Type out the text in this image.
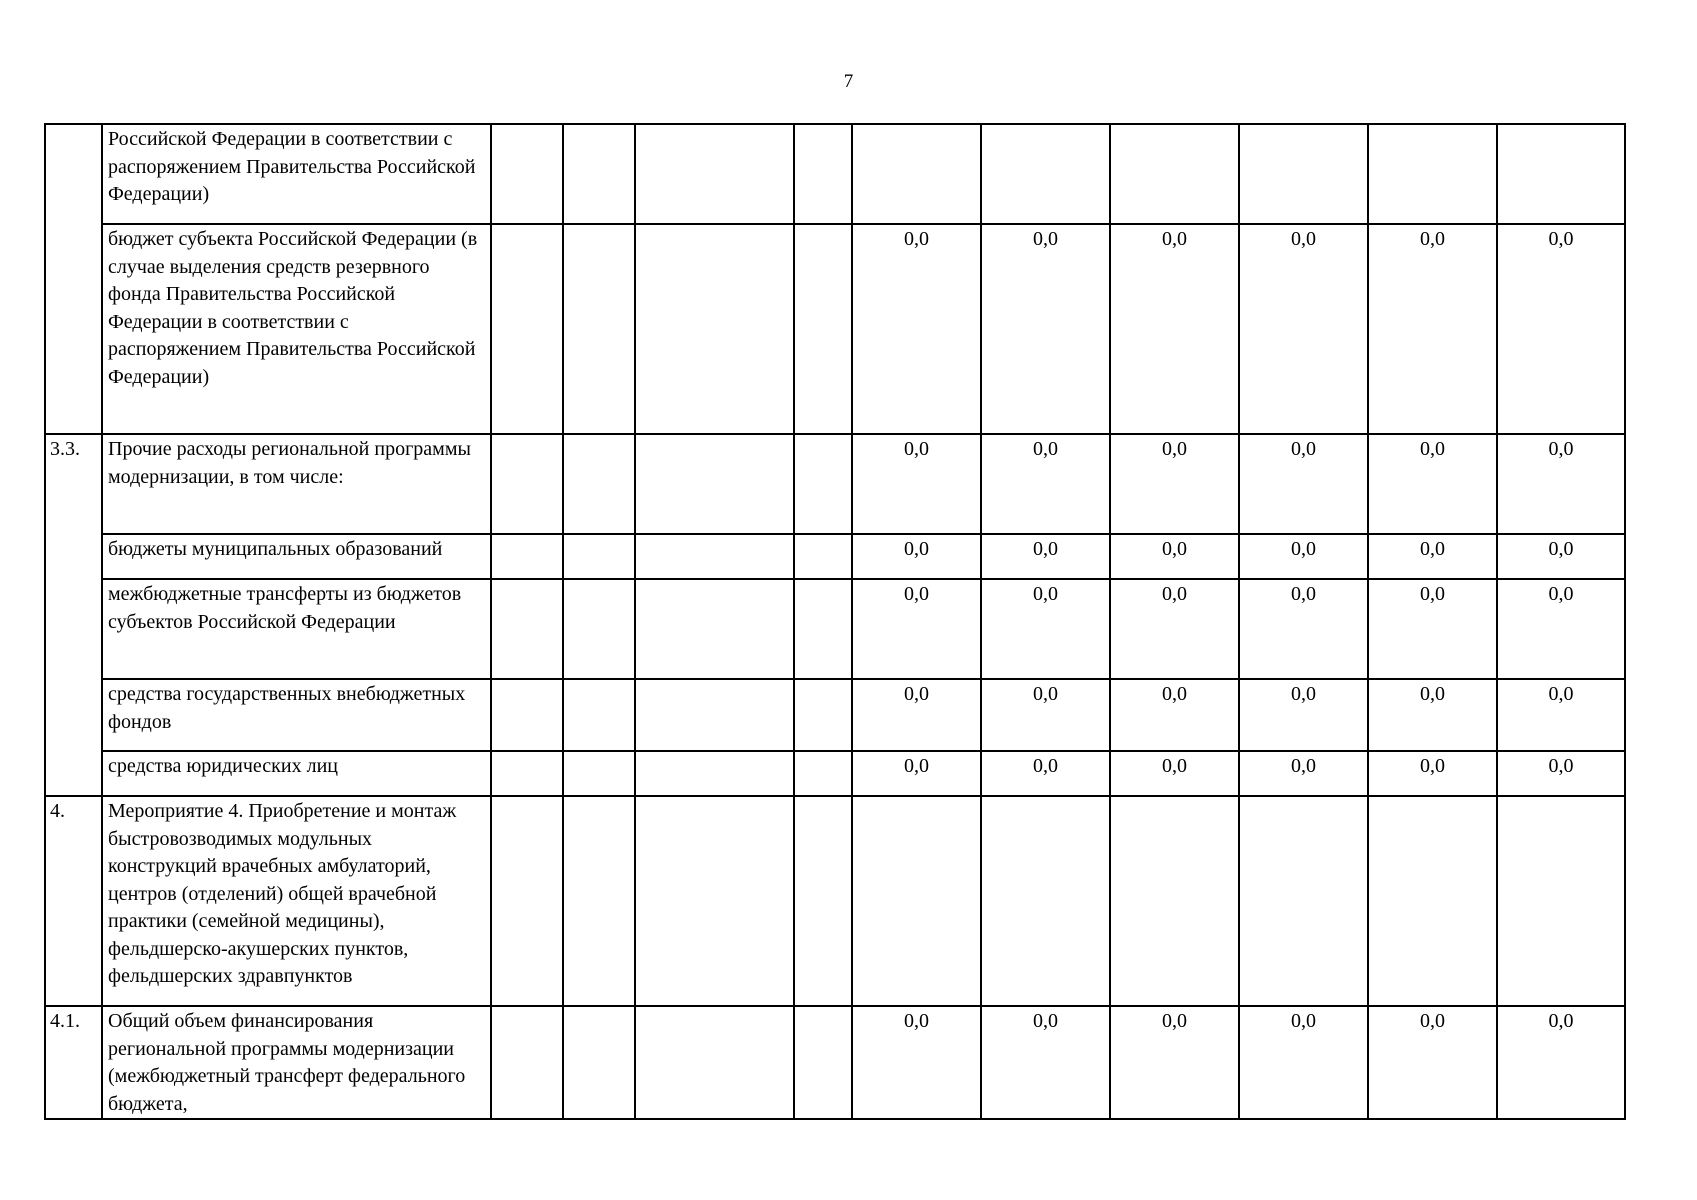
7
	Российской Федерации в соответствии с распоряжением Правительства Российской Федерации)										
	бюджет субъекта Российской Федерации (в случае выделения средств резервного фонда Правительства Российской Федерации в соответствии с распоряжением Правительства Российской Федерации)					0,0	0,0	0,0	0,0	0,0	0,0
3.3.	Прочие расходы региональной программы модернизации, в том числе:					0,0	0,0	0,0	0,0	0,0	0,0
	бюджеты муниципальных образований					0,0	0,0	0,0	0,0	0,0	0,0
	межбюджетные трансферты из бюджетов субъектов Российской Федерации					0,0	0,0	0,0	0,0	0,0	0,0
	средства государственных внебюджетных фондов					0,0	0,0	0,0	0,0	0,0	0,0
	средства юридических лиц					0,0	0,0	0,0	0,0	0,0	0,0
4.	Мероприятие 4. Приобретение и монтаж быстровозводимых модульных конструкций врачебных амбулаторий, центров (отделений) общей врачебной практики (семейной медицины), фельдшерско-акушерских пунктов, фельдшерских здравпунктов										
4.1.	Общий объем финансирования региональной программы модернизации (межбюджетный трансферт федерального бюджета,					0,0	0,0	0,0	0,0	0,0	0,0
